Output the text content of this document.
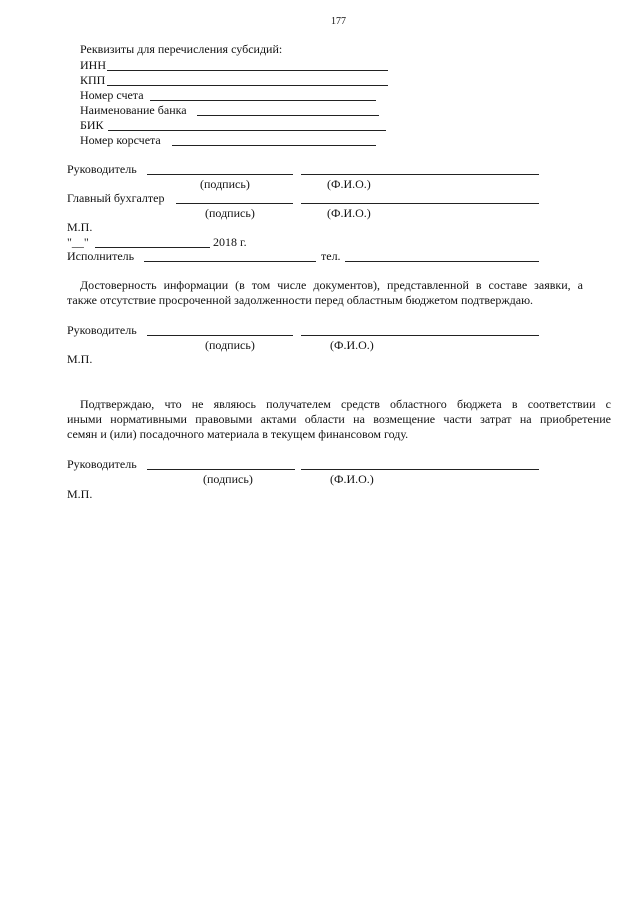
177
Реквизиты для перечисления субсидий:
ИНН
КПП
Номер счета
Наименование банка
БИК
Номер корсчета
Руководитель
(подпись)	(Ф.И.О.)
Главный бухгалтер
(подпись)	(Ф.И.О.)
М.П.
"__"	2018 г.
Исполнитель	тел.
Достоверность информации (в том числе документов), представленной в составе заявки, а
также отсутствие просроченной задолженности перед областным бюджетом подтверждаю.
Руководитель
(подпись)	(Ф.И.О.)
М.П.
Подтверждаю, что не являюсь получателем средств областного бюджета в соответствии с
иными нормативными правовыми актами области на возмещение части затрат на приобретение
семян и (или) посадочного материала в текущем финансовом году.
Руководитель
(подпись)	(Ф.И.О.)
М.П.
